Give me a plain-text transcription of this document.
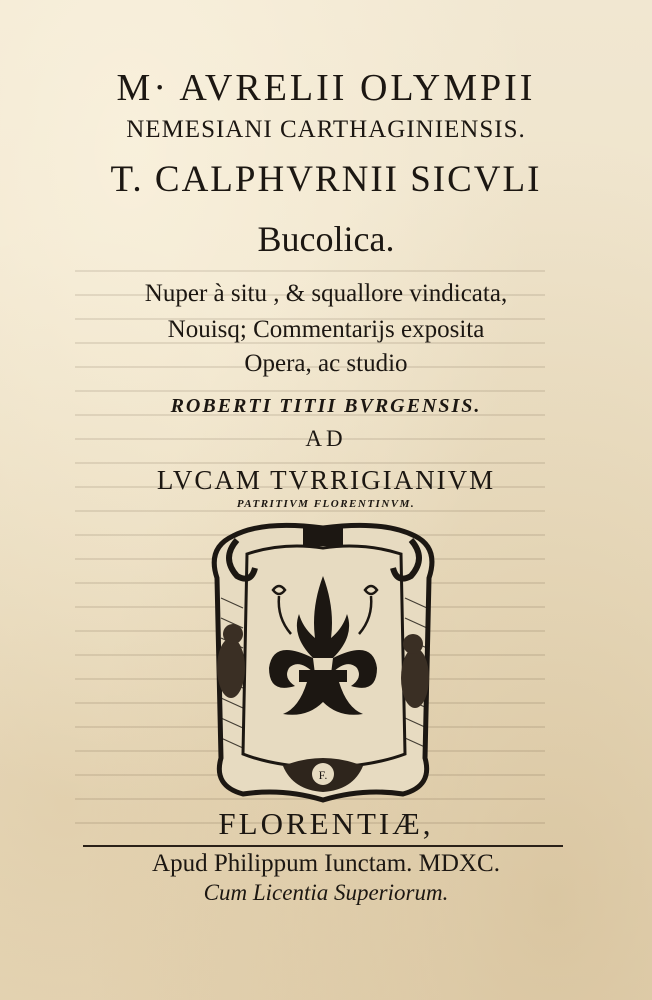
M· AVRELII OLYMPII
NEMESIANI CARTHAGINIENSIS.
T. CALPHVRNII SICVLI
Bucolica.
Nuper à situ , & squallore vindicata,
Nouisq; Commentarijs exposita
Opera, ac studio
ROBERTI TITII BVRGENSIS.
AD
LVCAM TVRRIGIANIVM
PATRITIVM FLORENTINVM.
F.
FLORENTIÆ,
Apud Philippum Iunctam. MDXC.
Cum Licentia Superiorum.
